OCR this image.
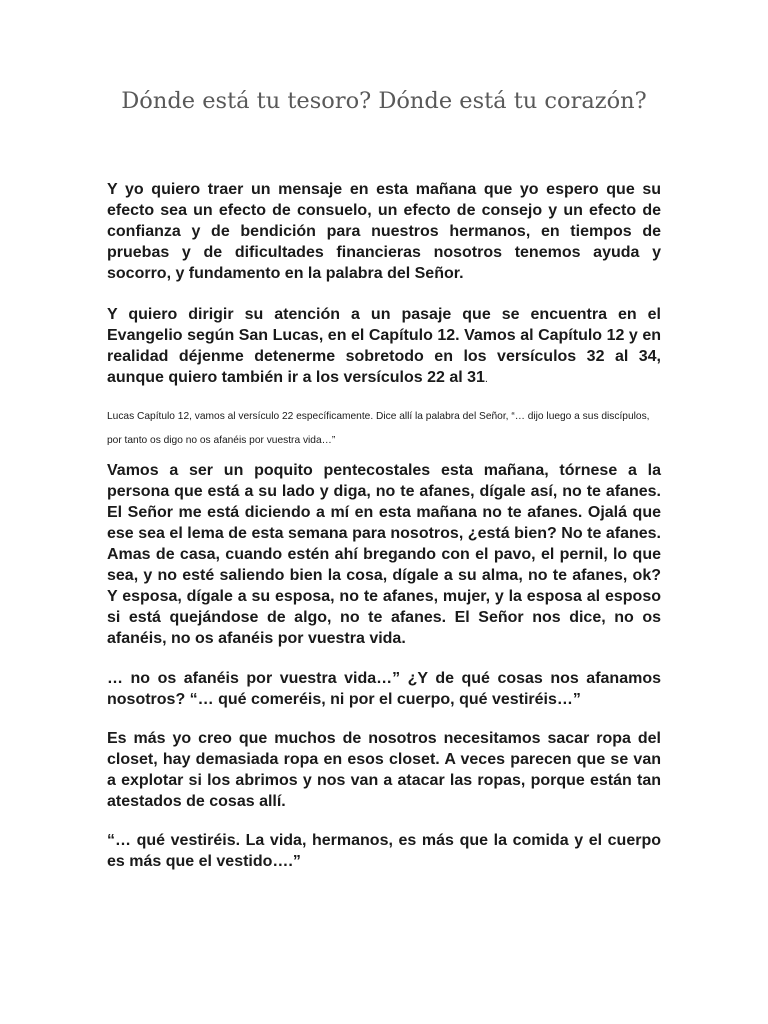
Dónde está tu tesoro? Dónde está tu corazón?

Y yo quiero traer un mensaje en esta mañana que yo espero que su efecto sea un efecto de consuelo, un efecto de consejo y un efecto de confianza y de bendición para nuestros hermanos, en tiempos de pruebas y de dificultades financieras nosotros tenemos ayuda y socorro, y fundamento en la palabra del Señor.

Y quiero dirigir su atención a un pasaje que se encuentra en el Evangelio según San Lucas, en el Capítulo 12. Vamos al Capítulo 12 y en realidad déjenme detenerme sobretodo en los versículos 32 al 34, aunque quiero también ir a los versículos 22 al 31.

Lucas Capítulo 12, vamos al versículo 22 específicamente. Dice allí la palabra del Señor, “… dijo luego a sus discípulos, por tanto os digo no os afanéis por vuestra vida…”

Vamos a ser un poquito pentecostales esta mañana, tórnese a la persona que está a su lado y diga, no te afanes, dígale así, no te afanes. El Señor me está diciendo a mí en esta mañana no te afanes. Ojalá que ese sea el lema de esta semana para nosotros, ¿está bien? No te afanes. Amas de casa, cuando estén ahí bregando con el pavo, el pernil, lo que sea, y no esté saliendo bien la cosa, dígale a su alma, no te afanes, ok? Y esposa, dígale a su esposa, no te afanes, mujer, y la esposa al esposo si está quejándose de algo, no te afanes. El Señor nos dice, no os afanéis, no os afanéis por vuestra vida.

… no os afanéis por vuestra vida…” ¿Y de qué cosas nos afanamos nosotros? “… qué comeréis, ni por el cuerpo, qué vestiréis…”

Es más yo creo que muchos de nosotros necesitamos sacar ropa del closet, hay demasiada ropa en esos closet. A veces parecen que se van a explotar si los abrimos y nos van a atacar las ropas, porque están tan atestados de cosas allí.

“… qué vestiréis. La vida, hermanos, es más que la comida y el cuerpo es más que el vestido….”
